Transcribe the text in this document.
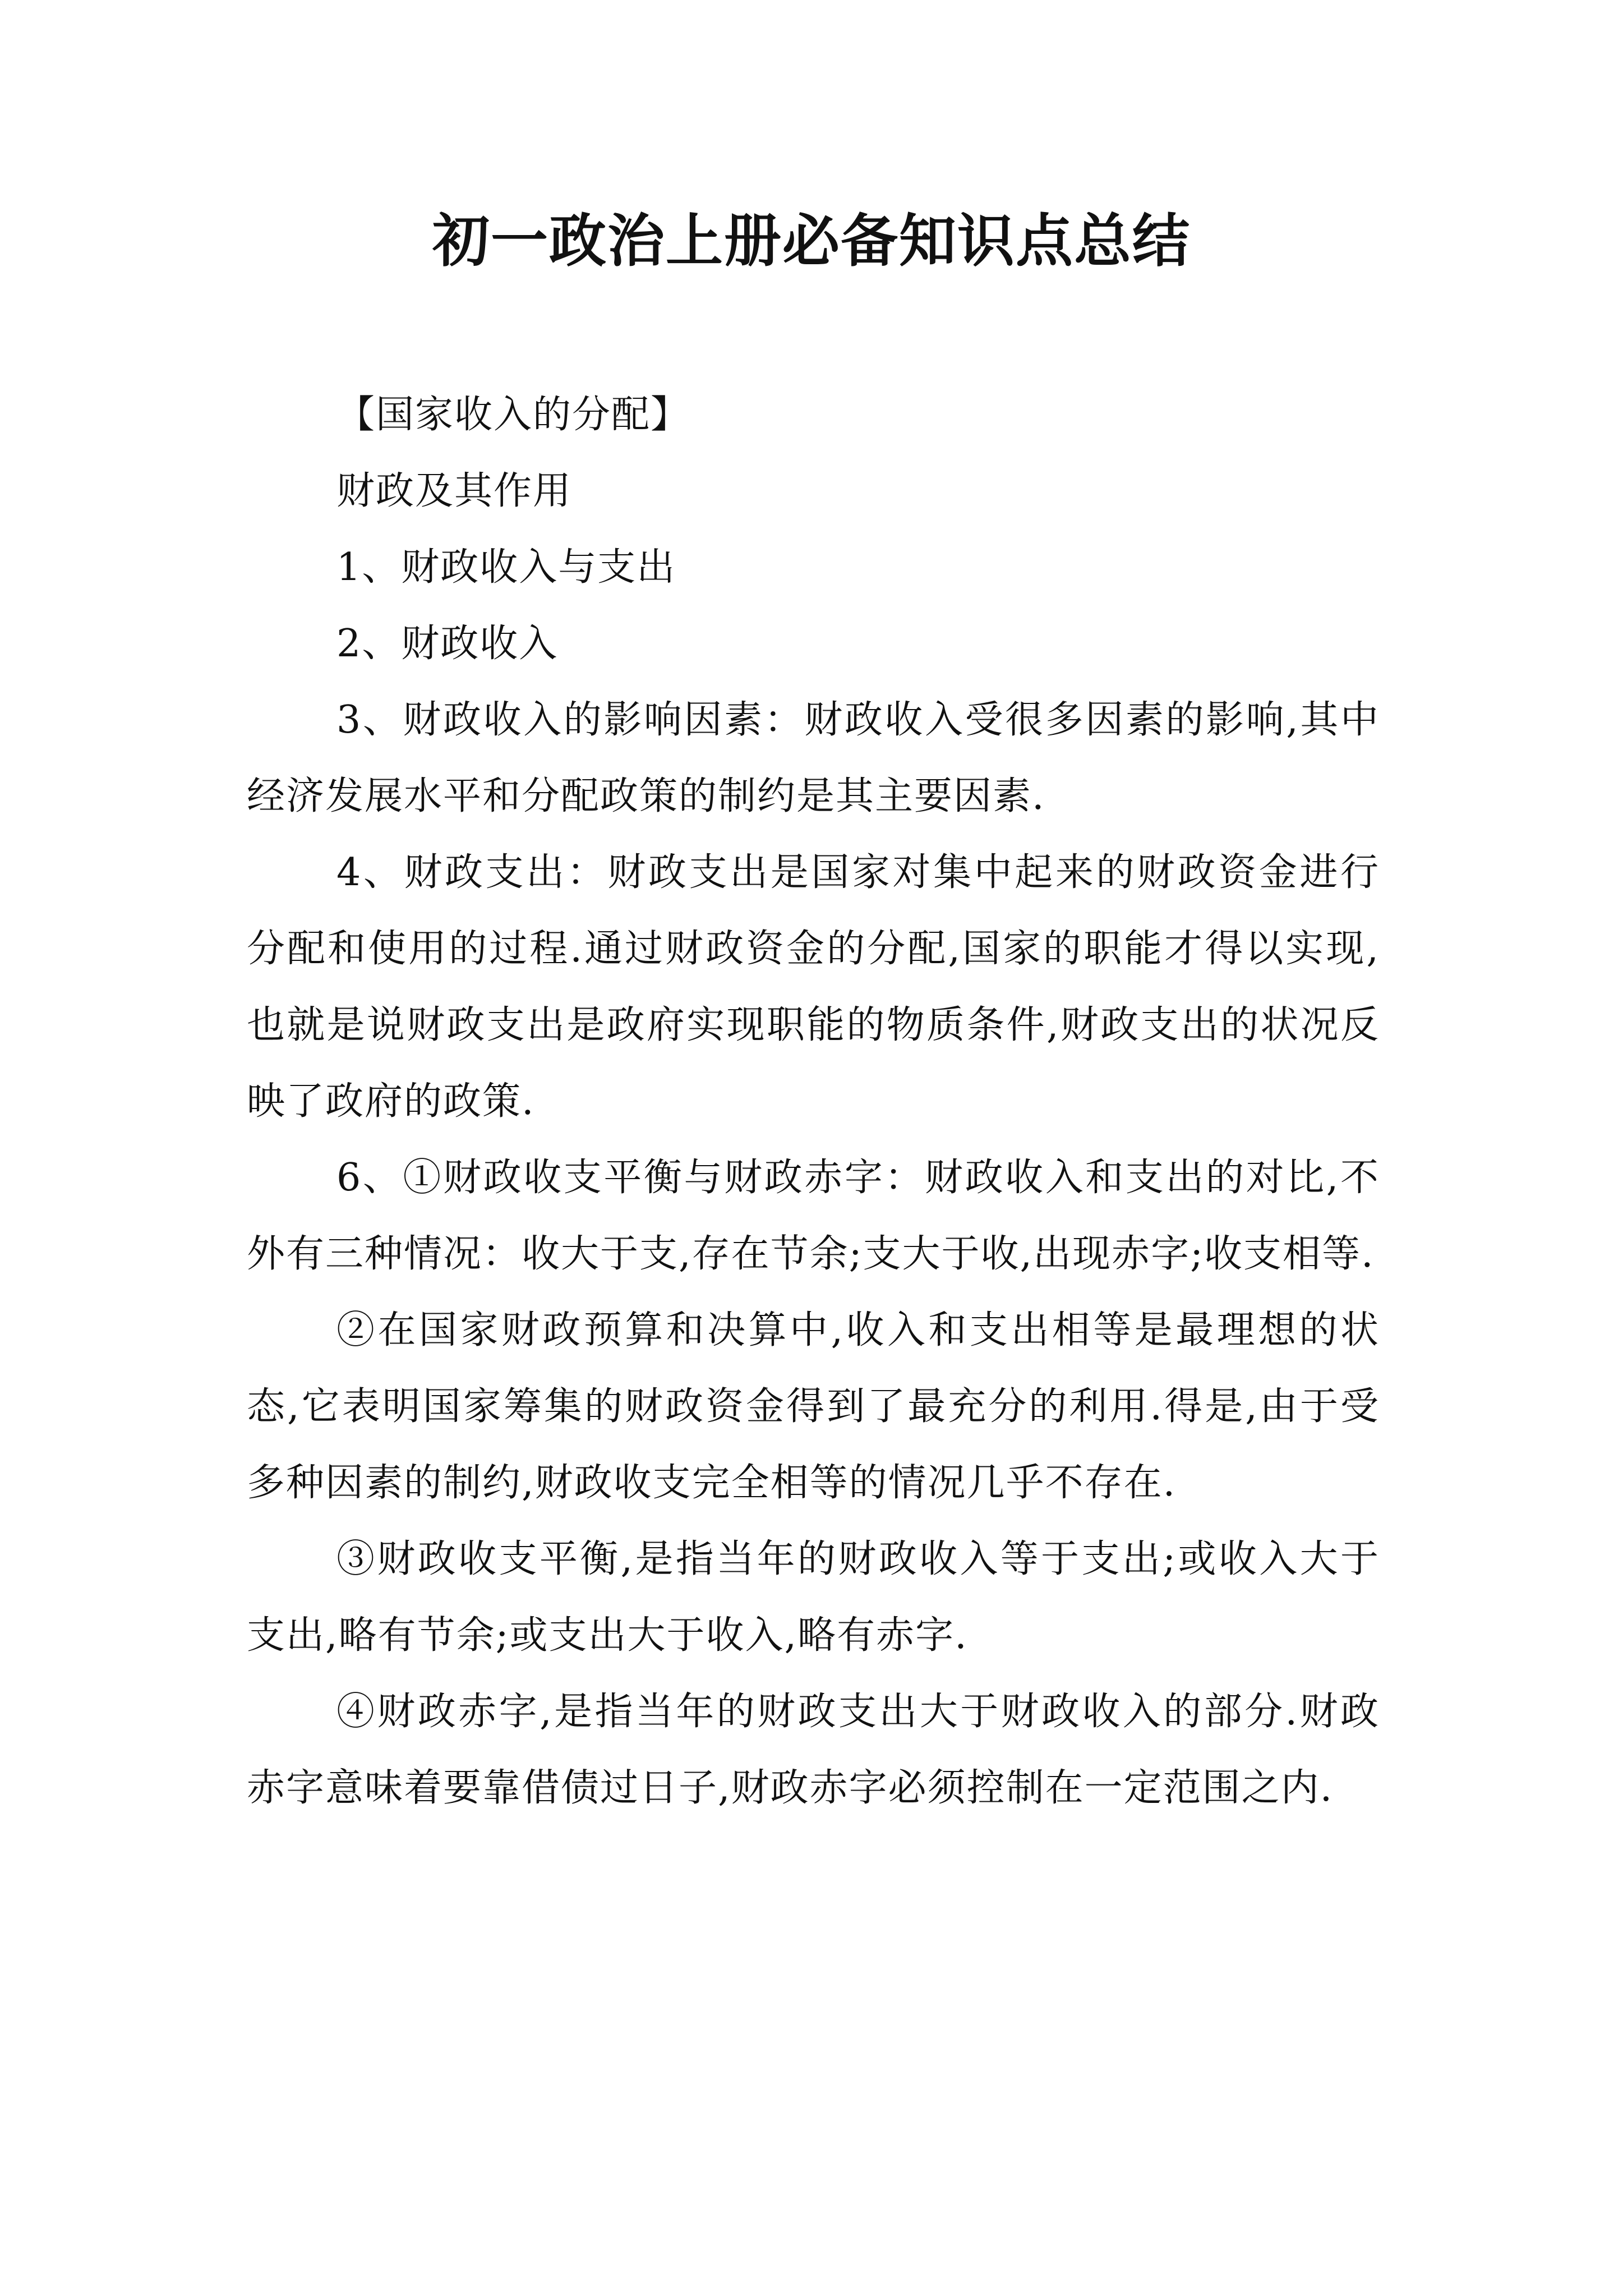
初一政治上册必备知识点总结

【国家收入的分配】

财政及其作用

1、财政收入与支出

2、财政收入

3、财政收入的影响因素：财政收入受很多因素的影响,其中经济发展水平和分配政策的制约是其主要因素.

4、财政支出：财政支出是国家对集中起来的财政资金进行分配和使用的过程.通过财政资金的分配,国家的职能才得以实现,也就是说财政支出是政府实现职能的物质条件,财政支出的状况反映了政府的政策.

6、①财政收支平衡与财政赤字：财政收入和支出的对比,不外有三种情况：收大于支,存在节余;支大于收,出现赤字;收支相等.

②在国家财政预算和决算中,收入和支出相等是最理想的状态,它表明国家筹集的财政资金得到了最充分的利用.得是,由于受多种因素的制约,财政收支完全相等的情况几乎不存在.

③财政收支平衡,是指当年的财政收入等于支出;或收入大于支出,略有节余;或支出大于收入,略有赤字.

④财政赤字,是指当年的财政支出大于财政收入的部分.财政赤字意味着要靠借债过日子,财政赤字必须控制在一定范围之内.
